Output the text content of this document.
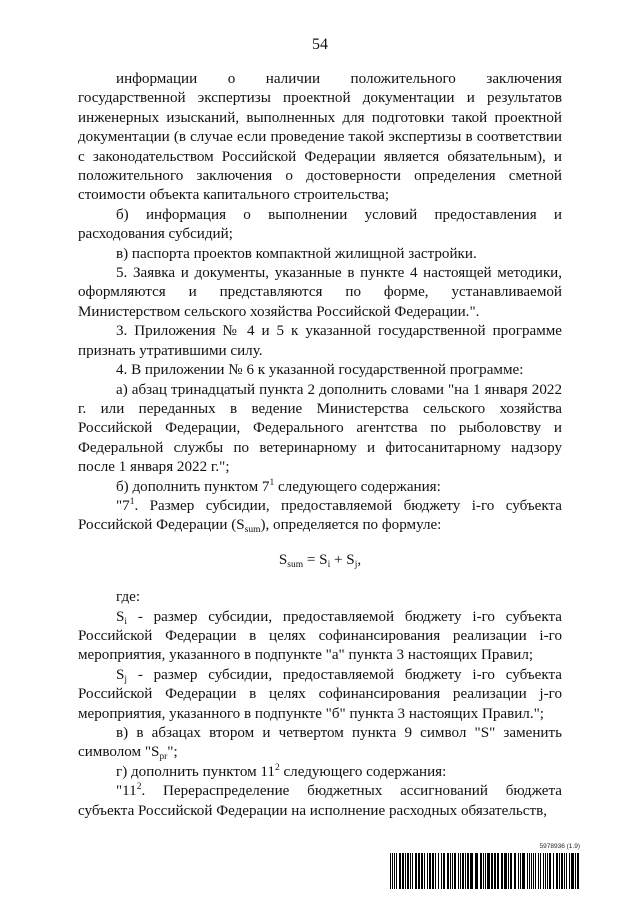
54

информации о наличии положительного заключения государственной экспертизы проектной документации и результатов инженерных изысканий, выполненных для подготовки такой проектной документации (в случае если проведение такой экспертизы в соответствии с законодательством Российской Федерации является обязательным), и положительного заключения о достоверности определения сметной стоимости объекта капитального строительства;

б) информация о выполнении условий предоставления и расходования субсидий;

в) паспорта проектов компактной жилищной застройки.

5. Заявка и документы, указанные в пункте 4 настоящей методики, оформляются и представляются по форме, устанавливаемой Министерством сельского хозяйства Российской Федерации.".

3. Приложения № 4 и 5 к указанной государственной программе признать утратившими силу.

4. В приложении № 6 к указанной государственной программе:

а) абзац тринадцатый пункта 2 дополнить словами "на 1 января 2022 г. или переданных в ведение Министерства сельского хозяйства Российской Федерации, Федерального агентства по рыболовству и Федеральной службы по ветеринарному и фитосанитарному надзору после 1 января 2022 г.";

б) дополнить пунктом $7^1$ следующего содержания:

"$7^1$. Размер субсидии, предоставляемой бюджету i-го субъекта Российской Федерации $(S_{sum})$, определяется по формуле:

$S_{sum} = S_i + S_j$,

где:

$S_i$ - размер субсидии, предоставляемой бюджету i-го субъекта Российской Федерации в целях софинансирования реализации i-го мероприятия, указанного в подпункте "а" пункта 3 настоящих Правил;

$S_j$ - размер субсидии, предоставляемой бюджету i-го субъекта Российской Федерации в целях софинансирования реализации j-го мероприятия, указанного в подпункте "б" пункта 3 настоящих Правил.";

в) в абзацах втором и четвертом пункта 9 символ "S" заменить символом "$S_{pr}$";

г) дополнить пунктом $11^2$ следующего содержания:

"$11^2$. Перераспределение бюджетных ассигнований бюджета субъекта Российской Федерации на исполнение расходных обязательств,

5978936 (1.9)
